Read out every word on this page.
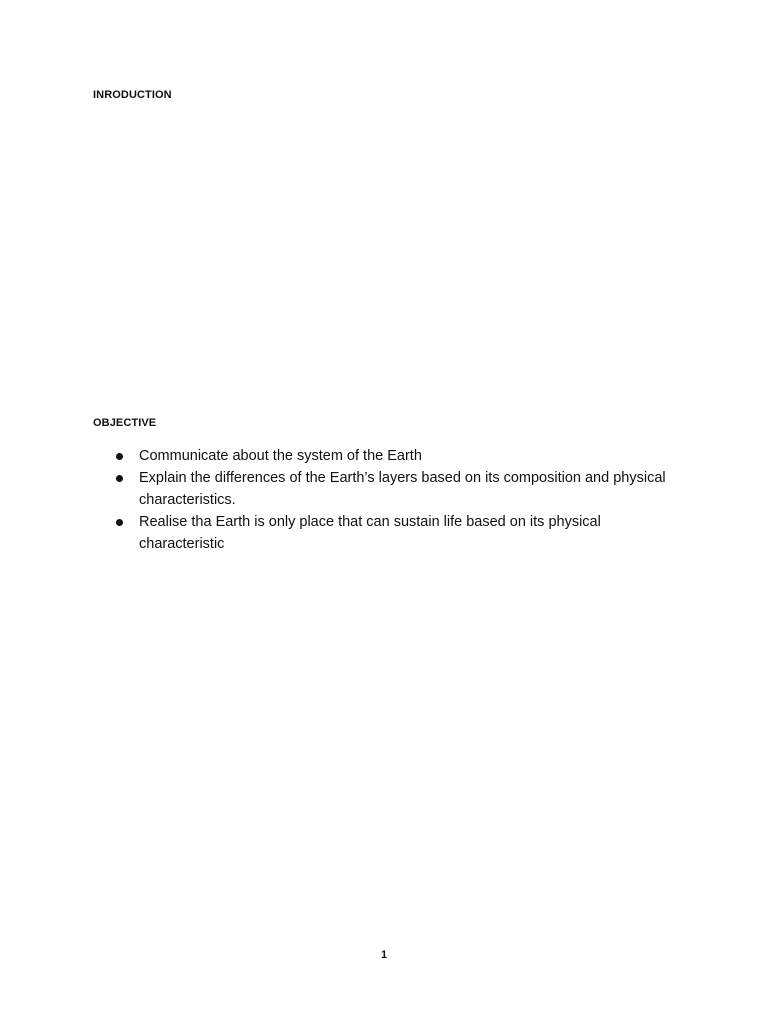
INRODUCTION
OBJECTIVE
Communicate about the system of the Earth
Explain the differences of the Earth’s layers based on its composition and physical characteristics.
Realise tha Earth is only place that can sustain life based on its physical characteristic
1
